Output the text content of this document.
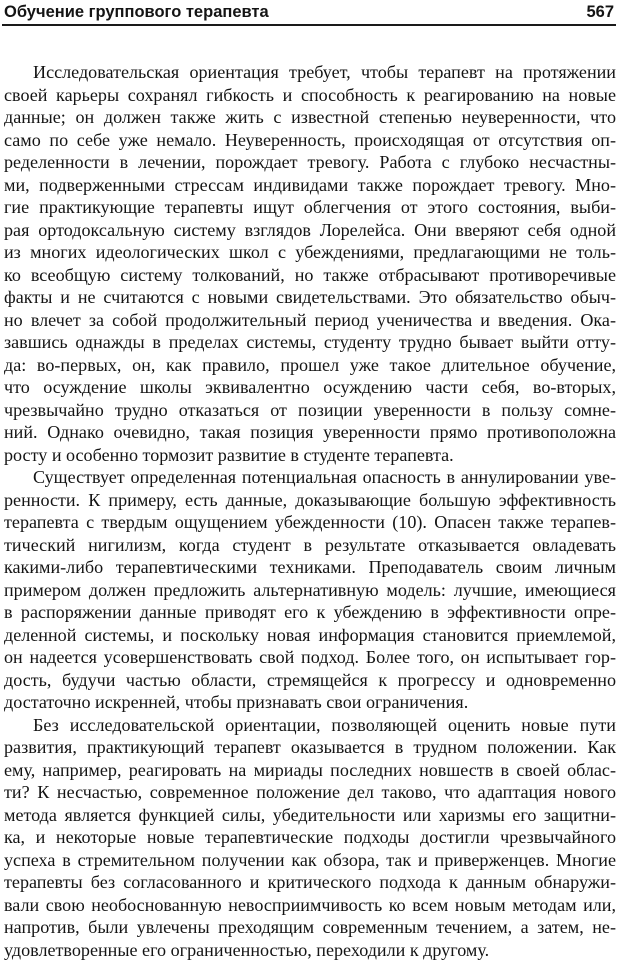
Обучение группового терапевта	567
Исследовательская ориентация требует, чтобы терапевт на протяжении
своей карьеры сохранял гибкость и способность к реагированию на новые
данные; он должен также жить с известной степенью неуверенности, что
само по себе уже немало. Неуверенность, происходящая от отсутствия оп-
ределенности в лечении, порождает тревогу. Работа с глубоко несчастны-
ми, подверженными стрессам индивидами также порождает тревогу. Мно-
гие практикующие терапевты ищут облегчения от этого состояния, выби-
рая ортодоксальную систему взглядов Лорелейса. Они вверяют себя одной
из многих идеологических школ с убеждениями, предлагающими не толь-
ко всеобщую систему толкований, но также отбрасывают противоречивые
факты и не считаются с новыми свидетельствами. Это обязательство обыч-
но влечет за собой продолжительный период ученичества и введения. Ока-
завшись однажды в пределах системы, студенту трудно бывает выйти отту-
да: во-первых, он, как правило, прошел уже такое длительное обучение,
что осуждение школы эквивалентно осуждению части себя, во-вторых,
чрезвычайно трудно отказаться от позиции уверенности в пользу сомне-
ний. Однако очевидно, такая позиция уверенности прямо противоположна
росту и особенно тормозит развитие в студенте терапевта.
Существует определенная потенциальная опасность в аннулировании уве-
ренности. К примеру, есть данные, доказывающие большую эффективность
терапевта с твердым ощущением убежденности (10). Опасен также терапев-
тический нигилизм, когда студент в результате отказывается овладевать
какими-либо терапевтическими техниками. Преподаватель своим личным
примером должен предложить альтернативную модель: лучшие, имеющиеся
в распоряжении данные приводят его к убеждению в эффективности опре-
деленной системы, и поскольку новая информация становится приемлемой,
он надеется усовершенствовать свой подход. Более того, он испытывает гор-
дость, будучи частью области, стремящейся к прогрессу и одновременно
достаточно искренней, чтобы признавать свои ограничения.
Без исследовательской ориентации, позволяющей оценить новые пути
развития, практикующий терапевт оказывается в трудном положении. Как
ему, например, реагировать на мириады последних новшеств в своей облас-
ти? К несчастью, современное положение дел таково, что адаптация нового
метода является функцией силы, убедительности или харизмы его защитни-
ка, и некоторые новые терапевтические подходы достигли чрезвычайного
успеха в стремительном получении как обзора, так и приверженцев. Многие
терапевты без согласованного и критического подхода к данным обнаружи-
вали свою необоснованную невосприимчивость ко всем новым методам или,
напротив, были увлечены преходящим современным течением, а затем, не-
удовлетворенные его ограниченностью, переходили к другому.
